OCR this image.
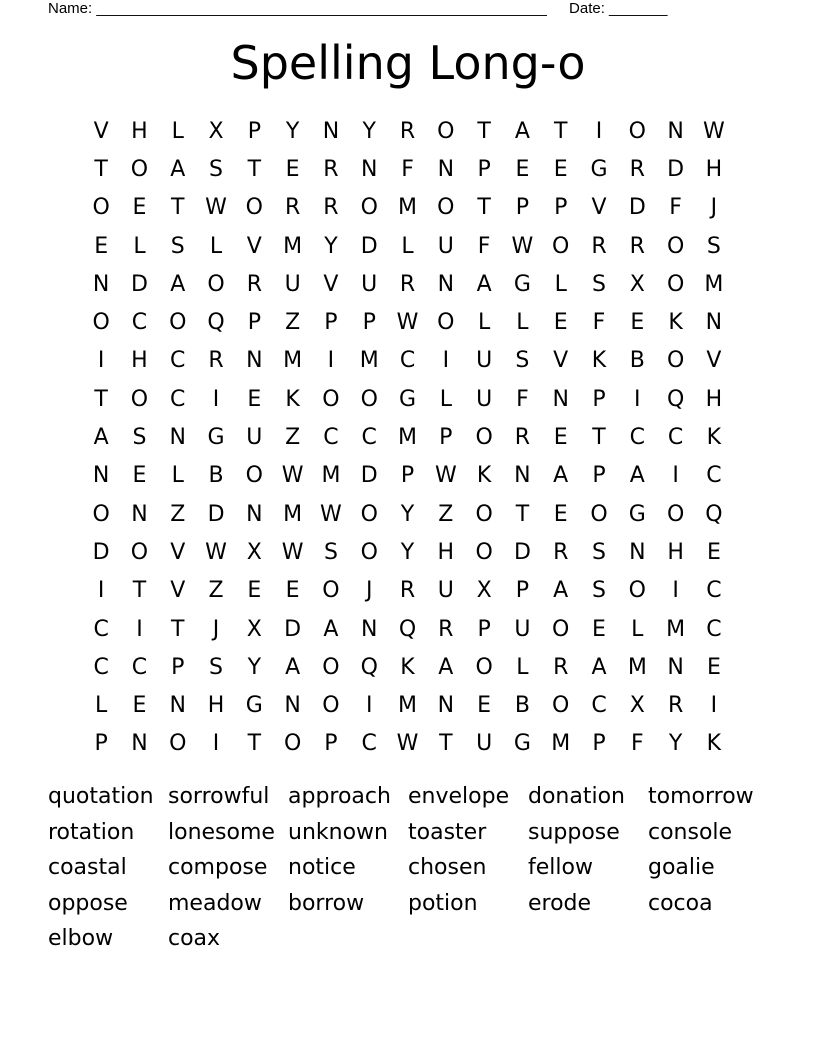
Name: ______________________________________________________ Date: _______
Spelling Long-o
V	H	L	X	P	Y	N	Y	R O	T	A	T	I	O N W
T	O	A	S	T	E	R	N	F	N	P	E	E	G	R	D H
O	E	T W O R	R O M O	T	P	P	V	D	F	J
E	L	S	L	V M	Y	D	L	U	F W O R	R O	S
N D	A	O R	U	V	U	R	N	A	G	L	S	X	O M
O C O Q	P	Z	P	P W O	L	L	E	F	E	K	N
I	H	C	R	N M	I	M C	I	U	S	V	K	B	O	V
T	O C	I	E	K	O O G	L	U	F	N	P	I	Q H
A	S	N G U	Z	C	C M	P	O R	E	T	C	C	K
N	E	L	B	O W M D	P W K	N	A	P	A	I	C
O N	Z	D N M W O	Y	Z	O	T	E	O G O Q
D O	V W X W S	O	Y	H O D	R	S	N H	E
I	T	V	Z	E	E	O	J	R	U	X	P	A	S	O	I	C
C	I	T	J	X	D	A	N Q R	P	U O	E	L	M C
C	C	P	S	Y	A	O Q	K	A	O	L	R	A M N	E
L	E	N H G N O	I	M N	E	B	O C	X	R	I
P	N O	I	T	O	P	C W T	U G M	P	F	Y	K
quotation sorrowful approach envelope donation	tomorrow
rotation	lonesome unknown toaster	suppose	console
coastal	compose notice	chosen	fellow	goalie
oppose	meadow	borrow	potion	erode	cocoa
elbow	coax
